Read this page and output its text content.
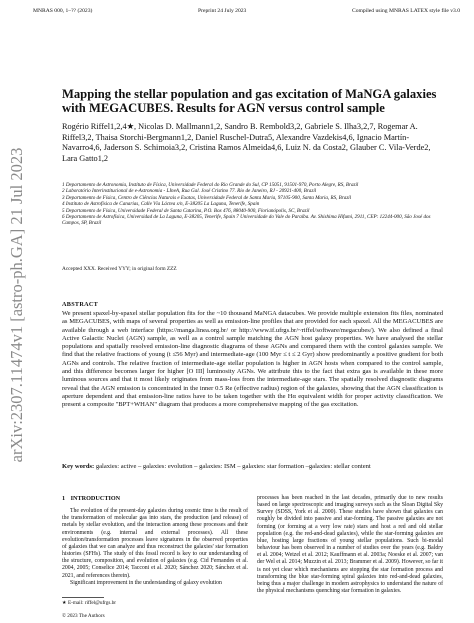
MNRAS 000, 1–?? (2023)	Preprint 24 July 2023	Compiled using MNRAS LATEX style file v3.0
arXiv:2307.11474v1 [astro-ph.GA] 21 Jul 2023
Mapping the stellar population and gas excitation of MaNGA galaxies with MEGACUBES. Results for AGN versus control sample
Rogério Riffel1,2,4★, Nicolas D. Mallmann1,2, Sandro B. Rembold3,2, Gabriele S. Ilha3,2,7, Rogemar A. Riffel3,2, Thaisa Storchi-Bergmann1,2, Daniel Ruschel-Dutra5, Alexandre Vazdekis4,6, Ignacio Martín-Navarro4,6, Jaderson S. Schimoia3,2, Cristina Ramos Almeida4,6, Luiz N. da Costa2, Glauber C. Vila-Verde2, Lara Gatto1,2
1 Departamento de Astronomia, Instituto de Física, Universidade Federal do Rio Grande do Sul, CP 15051, 91501-970, Porto Alegre, RS, Brazil
2 Laboratório Interinstitucional de e-Astronomia - LIneA, Rua Gal. José Cristino 77. Rio de Janeiro, RJ - 20921-400, Brazil
3 Departamento de Física, Centro de Ciências Naturais e Exatas, Universidade Federal de Santa Maria, 97105-900, Santa Maria, RS, Brazil
4 Instituto de Astrofísica de Canarias, Calle Vía Láctea s/n, E-38205 La Laguna, Tenerife, Spain
5 Departamento de Física, Universidade Federal de Santa Catarina, P.O. Box 476, 88040-900, Florianópolis, SC, Brazil
6 Departamento de Astrofísica, Universidad de La Laguna, E-38205, Tenerife, Spain 7 Universidade do Vale do Paraíba. Av. Shishima Hifumi, 2911, CEP: 12244-000, São José dos Campos, SP, Brazil
Accepted XXX. Received YYY; in original form ZZZ
ABSTRACT
We present spaxel-by-spaxel stellar population fits for the ~10 thousand MaNGA datacubes. We provide multiple extension fits files, nominated as MEGACUBES, with maps of several properties as well as emission-line profiles that are provided for each spaxel. All the MEGACUBES are available through a web interface (https://manga.linea.org.br/ or http://www.if.ufrgs.br/~riffel/software/megacubes/). We also defined a final Active Galactic Nuclei (AGN) sample, as well as a control sample matching the AGN host galaxy properties. We have analysed the stellar populations and spatially resolved emission-line diagnostic diagrams of these AGNs and compared them with the control galaxies sample. We find that the relative fractions of young (t ≤56 Myr) and intermediate-age (100 Myr ≤ t ≤ 2 Gyr) show predominantly a positive gradient for both AGNs and controls. The relative fraction of intermediate-age stellar population is higher in AGN hosts when compared to the control sample, and this difference becomes larger for higher [O III] luminosity AGNs. We attribute this to the fact that extra gas is available in these more luminous sources and that it most likely originates from mass-loss from the intermediate-age stars. The spatially resolved diagnostic diagrams reveal that the AGN emission is concentrated in the inner 0.5 Re (effective radius) region of the galaxies, showing that the AGN classification is aperture dependent and that emission-line ratios have to be taken together with the Hα equivalent width for proper activity classification. We present a composite "BPT+WHAN" diagram that produces a more comprehensive mapping of the gas excitation.
Key words: galaxies: active – galaxies: evolution – galaxies: ISM – galaxies: star formation –galaxies: stellar content
1 INTRODUCTION

The evolution of the present-day galaxies during cosmic time is the result of the transformation of molecular gas into stars, the production (and release) of metals by stellar evolution, and the interaction among these processes and their environments (e.g. internal and external processes). All these evolution/transformation processes leave signatures in the observed properties of galaxies that we can analyze and thus reconstruct the galaxies' star formation histories (SFHs). The study of this fossil record is key to our understanding of the structure, composition, and evolution of galaxies (e.g. Cid Fernandes et al. 2004, 2005; Conselice 2014; Tacconi et al. 2020; Sánchez 2020; Sánchez et al. 2021, and references therein).

Significant improvement in the understanding of galaxy evolution

processes has been reached in the last decades, primarily due to new results based on large spectroscopic and imaging surveys such as the Sloan Digital Sky Survey (SDSS, York et al. 2000). These studies have shown that galaxies can roughly be divided into passive and star-forming. The passive galaxies are not forming (or forming at a very low rate) stars and host a red and old stellar population (e.g. the red-and-dead galaxies), while the star-forming galaxies are blue, hosting large fractions of young stellar populations. Such bi-modal behaviour has been observed in a number of studies over the years (e.g. Baldry et al. 2004; Wetzel et al. 2012; Kauffmann et al. 2003a; Noeske et al. 2007; van der Wel et al. 2014; Muzzin et al. 2013; Brammer et al. 2009). However, so far it is not yet clear which mechanisms are stopping the star formation process and transforming the blue star-forming spiral galaxies into red-and-dead galaxies, being thus a major challenge in modern astrophysics to understand the nature of the physical mechanisms quenching star formation in galaxies.

★ E-mail: riffel@ufrgs.br
© 2023 The Authors
